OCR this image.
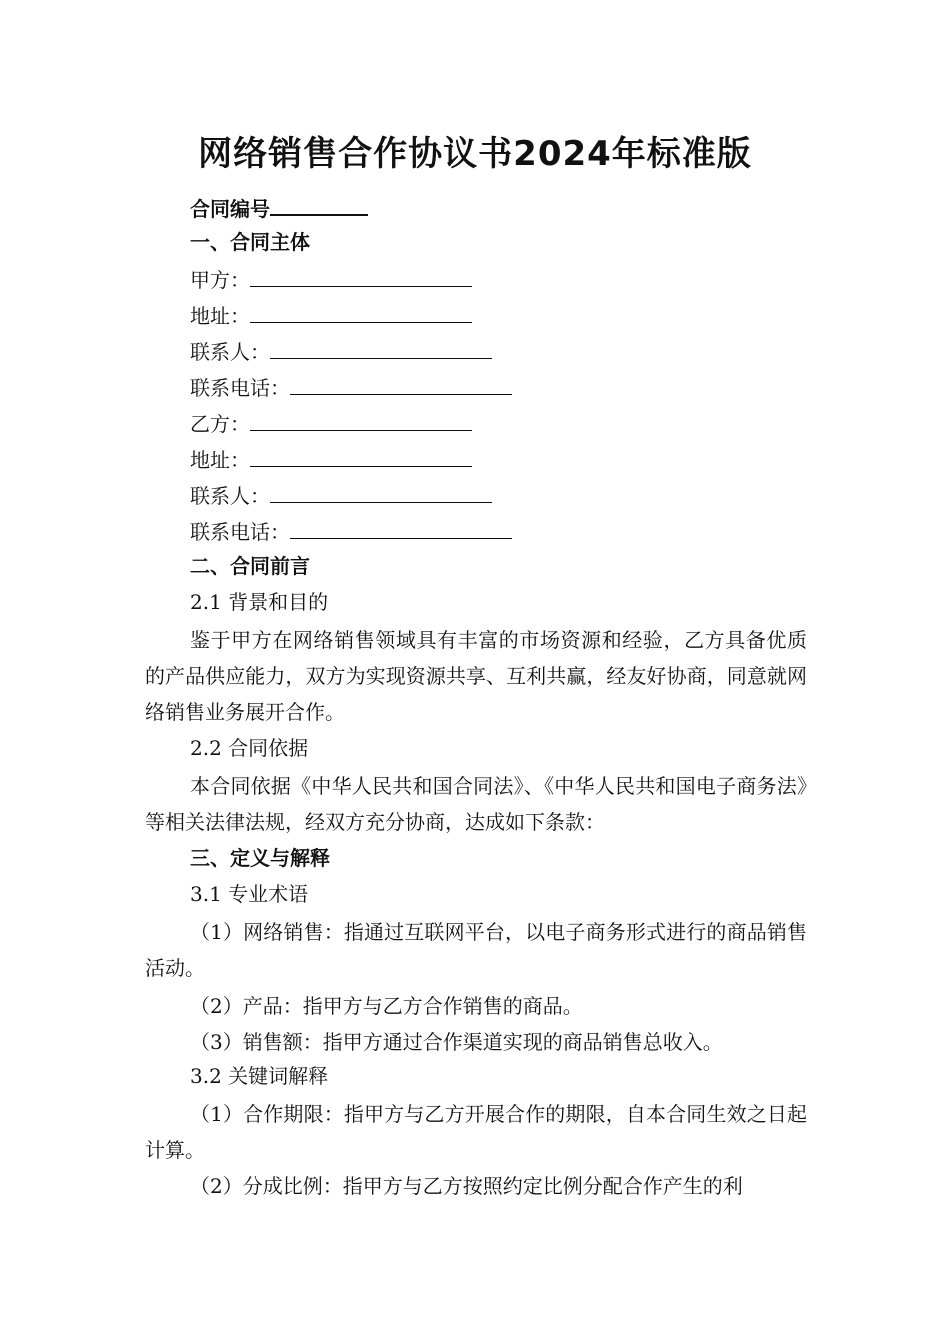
网络销售合作协议书2024年标准版
合同编号
一、合同主体
甲方：
地址：
联系人：
联系电话：
乙方：
地址：
联系人：
联系电话：
二、合同前言
2.1 背景和目的
鉴于甲方在网络销售领域具有丰富的市场资源和经验，乙方具备优质的产品供应能力，双方为实现资源共享、互利共赢，经友好协商，同意就网络销售业务展开合作。
2.2 合同依据
本合同依据《中华人民共和国合同法》、《中华人民共和国电子商务法》等相关法律法规，经双方充分协商，达成如下条款：
三、定义与解释
3.1 专业术语
（1）网络销售：指通过互联网平台，以电子商务形式进行的商品销售活动。
（2）产品：指甲方与乙方合作销售的商品。
（3）销售额：指甲方通过合作渠道实现的商品销售总收入。
3.2 关键词解释
（1）合作期限：指甲方与乙方开展合作的期限，自本合同生效之日起计算。
（2）分成比例：指甲方与乙方按照约定比例分配合作产生的利
